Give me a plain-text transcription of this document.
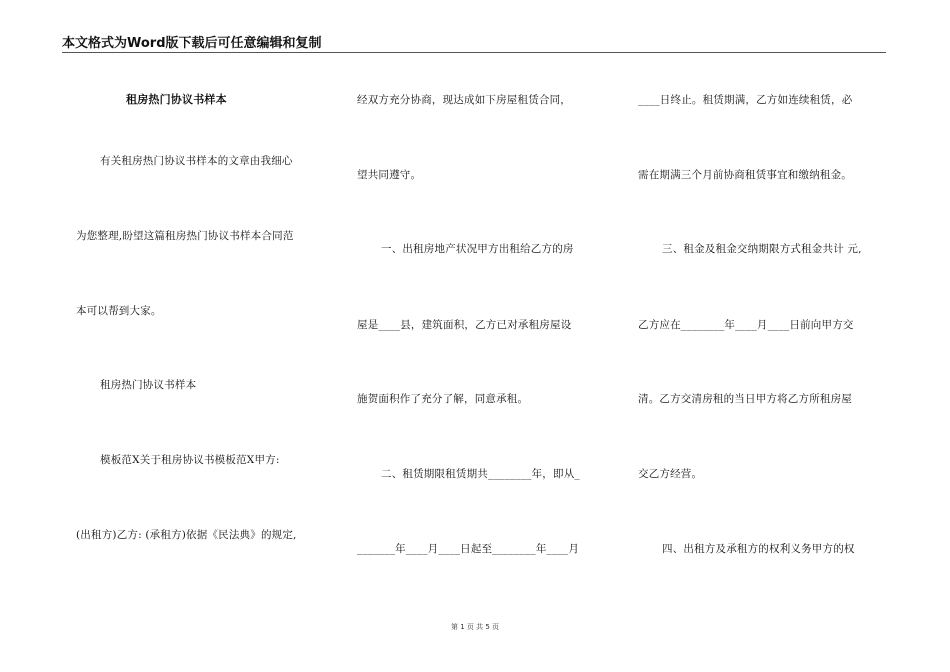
本文格式为Word版下载后可任意编辑和复制
租房热门协议书样本
有关租房热门协议书样本的文章由我细心
为您整理,盼望这篇租房热门协议书样本合同范
本可以帮到大家。
租房热门协议书样本
模板范X关于租房协议书模板范X甲方:
(出租方)乙方: (承租方)依据《民法典》的规定,
经双方充分协商，现达成如下房屋租赁合同，
望共同遵守。
一、出租房地产状况甲方出租给乙方的房
屋是____县，建筑面积，乙方已对承租房屋设
施贺面积作了充分了解，同意承租。
二、租赁期限租赁期共________年，即从_
_______年____月____日起至________年____月
____日终止。租赁期满，乙方如连续租赁，必
需在期满三个月前协商租赁事宜和缴纳租金。
三、租金及租金交纳期限方式租金共计 元,
乙方应在________年____月____日前向甲方交
清。乙方交清房租的当日甲方将乙方所租房屋
交乙方经营。
四、出租方及承租方的权利义务甲方的权
第 1 页 共 5 页
